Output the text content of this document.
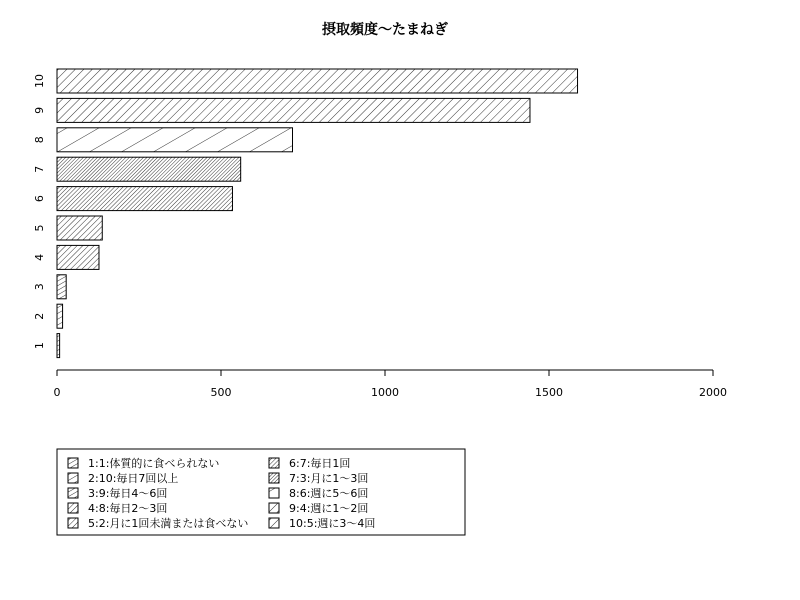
摂取頻度〜たまねぎ
1
2
3
4
5
6
7
8
9
10
0	500	1000	1500	2000
1:1:体質的に食べられない
2:10:毎日7回以上
3:9:毎日4〜6回
4:8:毎日2〜3回
5:2:月に1回未満または食べない
6:7:毎日1回
7:3:月に1〜3回
8:6:週に5〜6回
9:4:週に1〜2回
10:5:週に3〜4回
